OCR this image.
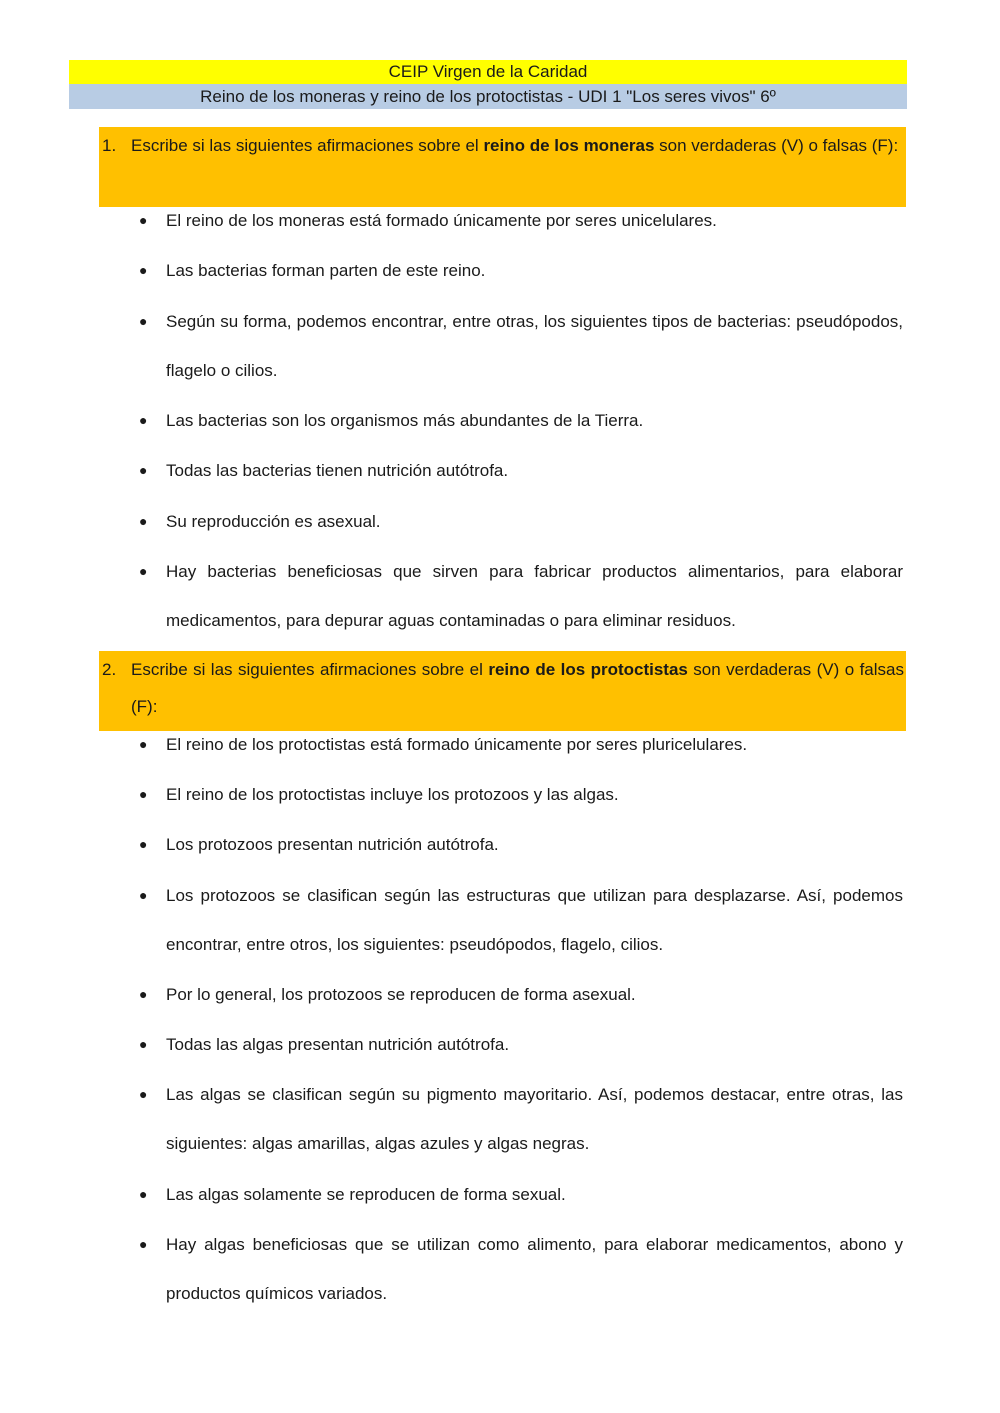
CEIP Virgen de la Caridad
Reino de los moneras y reino de los protoctistas - UDI 1 "Los seres vivos" 6º
1. Escribe si las siguientes afirmaciones sobre el reino de los moneras son verdaderas (V) o falsas (F):
● El reino de los moneras está formado únicamente por seres unicelulares.
● Las bacterias forman parten de este reino.
● Según su forma, podemos encontrar, entre otras, los siguientes tipos de bacterias: pseudópodos, flagelo o cilios.
● Las bacterias son los organismos más abundantes de la Tierra.
● Todas las bacterias tienen nutrición autótrofa.
● Su reproducción es asexual.
● Hay bacterias beneficiosas que sirven para fabricar productos alimentarios, para elaborar medicamentos, para depurar aguas contaminadas o para eliminar residuos.
2. Escribe si las siguientes afirmaciones sobre el reino de los protoctistas son verdaderas (V) o falsas (F):
● El reino de los protoctistas está formado únicamente por seres pluricelulares.
● El reino de los protoctistas incluye los protozoos y las algas.
● Los protozoos presentan nutrición autótrofa.
● Los protozoos se clasifican según las estructuras que utilizan para desplazarse. Así, podemos encontrar, entre otros, los siguientes: pseudópodos, flagelo, cilios.
● Por lo general, los protozoos se reproducen de forma asexual.
● Todas las algas presentan nutrición autótrofa.
● Las algas se clasifican según su pigmento mayoritario. Así, podemos destacar, entre otras, las siguientes: algas amarillas, algas azules y algas negras.
● Las algas solamente se reproducen de forma sexual.
● Hay algas beneficiosas que se utilizan como alimento, para elaborar medicamentos, abono y productos químicos variados.
